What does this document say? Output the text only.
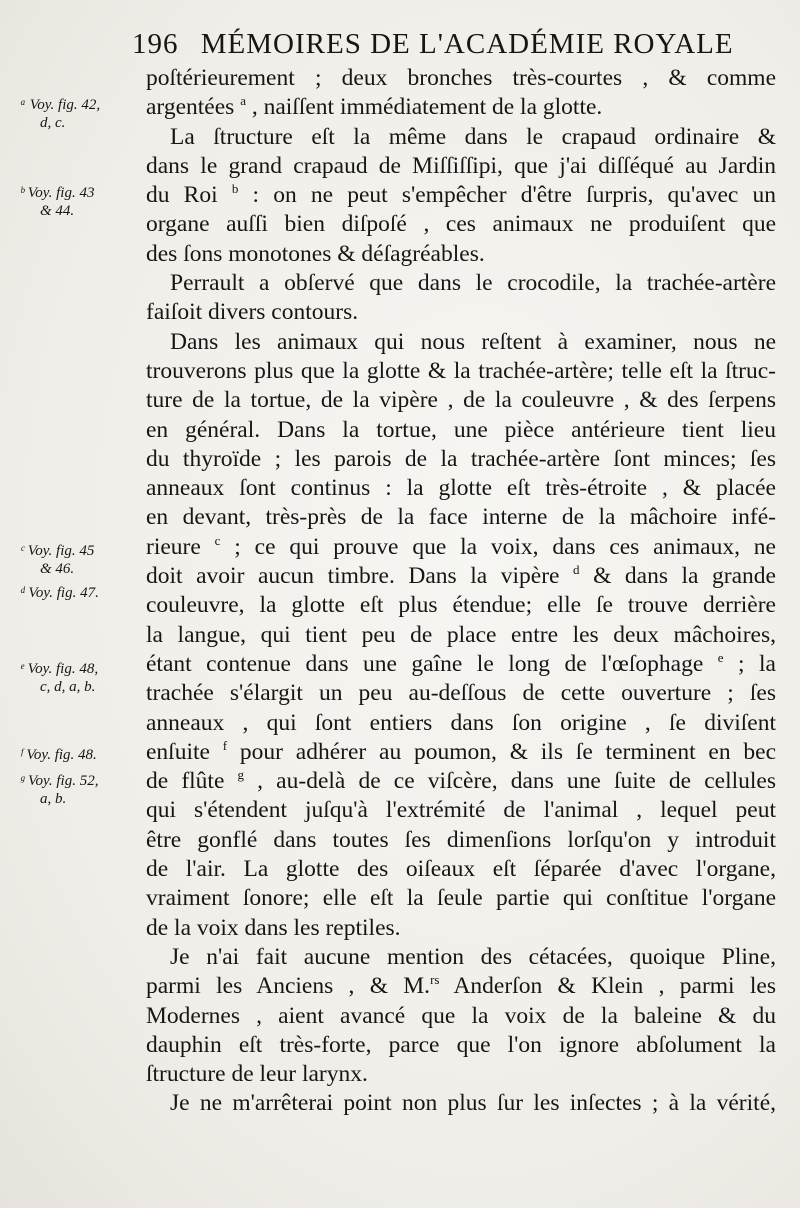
196 MÉMOIRES DE L'ACADÉMIE ROYALE
poſtérieurement ; deux bronches très-courtes , & comme
argentées $^a$ , naiſſent immédiatement de la glotte.
La ſtructure eſt la même dans le crapaud ordinaire &
dans le grand crapaud de Miſſiſſipi, que j'ai diſſéqué au Jardin
du Roi $^b$ : on ne peut s'empêcher d'être ſurpris, qu'avec un
organe auſſi bien diſpoſé , ces animaux ne produiſent que
des ſons monotones & déſagréables.
Perrault a obſervé que dans le crocodile, la trachée-artère
faiſoit divers contours.
Dans les animaux qui nous reſtent à examiner, nous ne
trouverons plus que la glotte & la trachée-artère; telle eſt la ſtruc-
ture de la tortue, de la vipère , de la couleuvre , & des ſerpens
en général. Dans la tortue, une pièce antérieure tient lieu
du thyroïde ; les parois de la trachée-artère ſont minces; ſes
anneaux ſont continus : la glotte eſt très-étroite , & placée
en devant, très-près de la face interne de la mâchoire infé-
rieure $^c$ ; ce qui prouve que la voix, dans ces animaux, ne
doit avoir aucun timbre. Dans la vipère $^d$ & dans la grande
couleuvre, la glotte eſt plus étendue; elle ſe trouve derrière
la langue, qui tient peu de place entre les deux mâchoires,
étant contenue dans une gaîne le long de l'œſophage $^e$ ; la
trachée s'élargit un peu au-deſſous de cette ouverture ; ſes
anneaux , qui ſont entiers dans ſon origine , ſe diviſent
enſuite $^f$ pour adhérer au poumon, & ils ſe terminent en bec
de flûte $^g$ , au-delà de ce viſcère, dans une ſuite de cellules
qui s'étendent juſqu'à l'extrémité de l'animal , lequel peut
être gonflé dans toutes ſes dimenſions lorſqu'on y introduit
de l'air. La glotte des oiſeaux eſt ſéparée d'avec l'organe,
vraiment ſonore; elle eſt la ſeule partie qui conſtitue l'organe
de la voix dans les reptiles.
Je n'ai fait aucune mention des cétacées, quoique Pline,
parmi les Anciens , & M.$^{rs}$ Anderſon & Klein , parmi les
Modernes , aient avancé que la voix de la baleine & du
dauphin eſt très-forte, parce que l'on ignore abſolument la
ſtructure de leur larynx.
Je ne m'arrêterai point non plus ſur les inſectes ; à la vérité,
ᵃ Voy. fig. 42,
d, c.
ᵇ Voy. fig. 43
& 44.
ᶜ Voy. fig. 45
& 46.
ᵈ Voy. fig. 47.
ᵉ Voy. fig. 48,
c, d, a, b.
ᶠ Voy. fig. 48.
ᵍ Voy. fig. 52,
a, b.
